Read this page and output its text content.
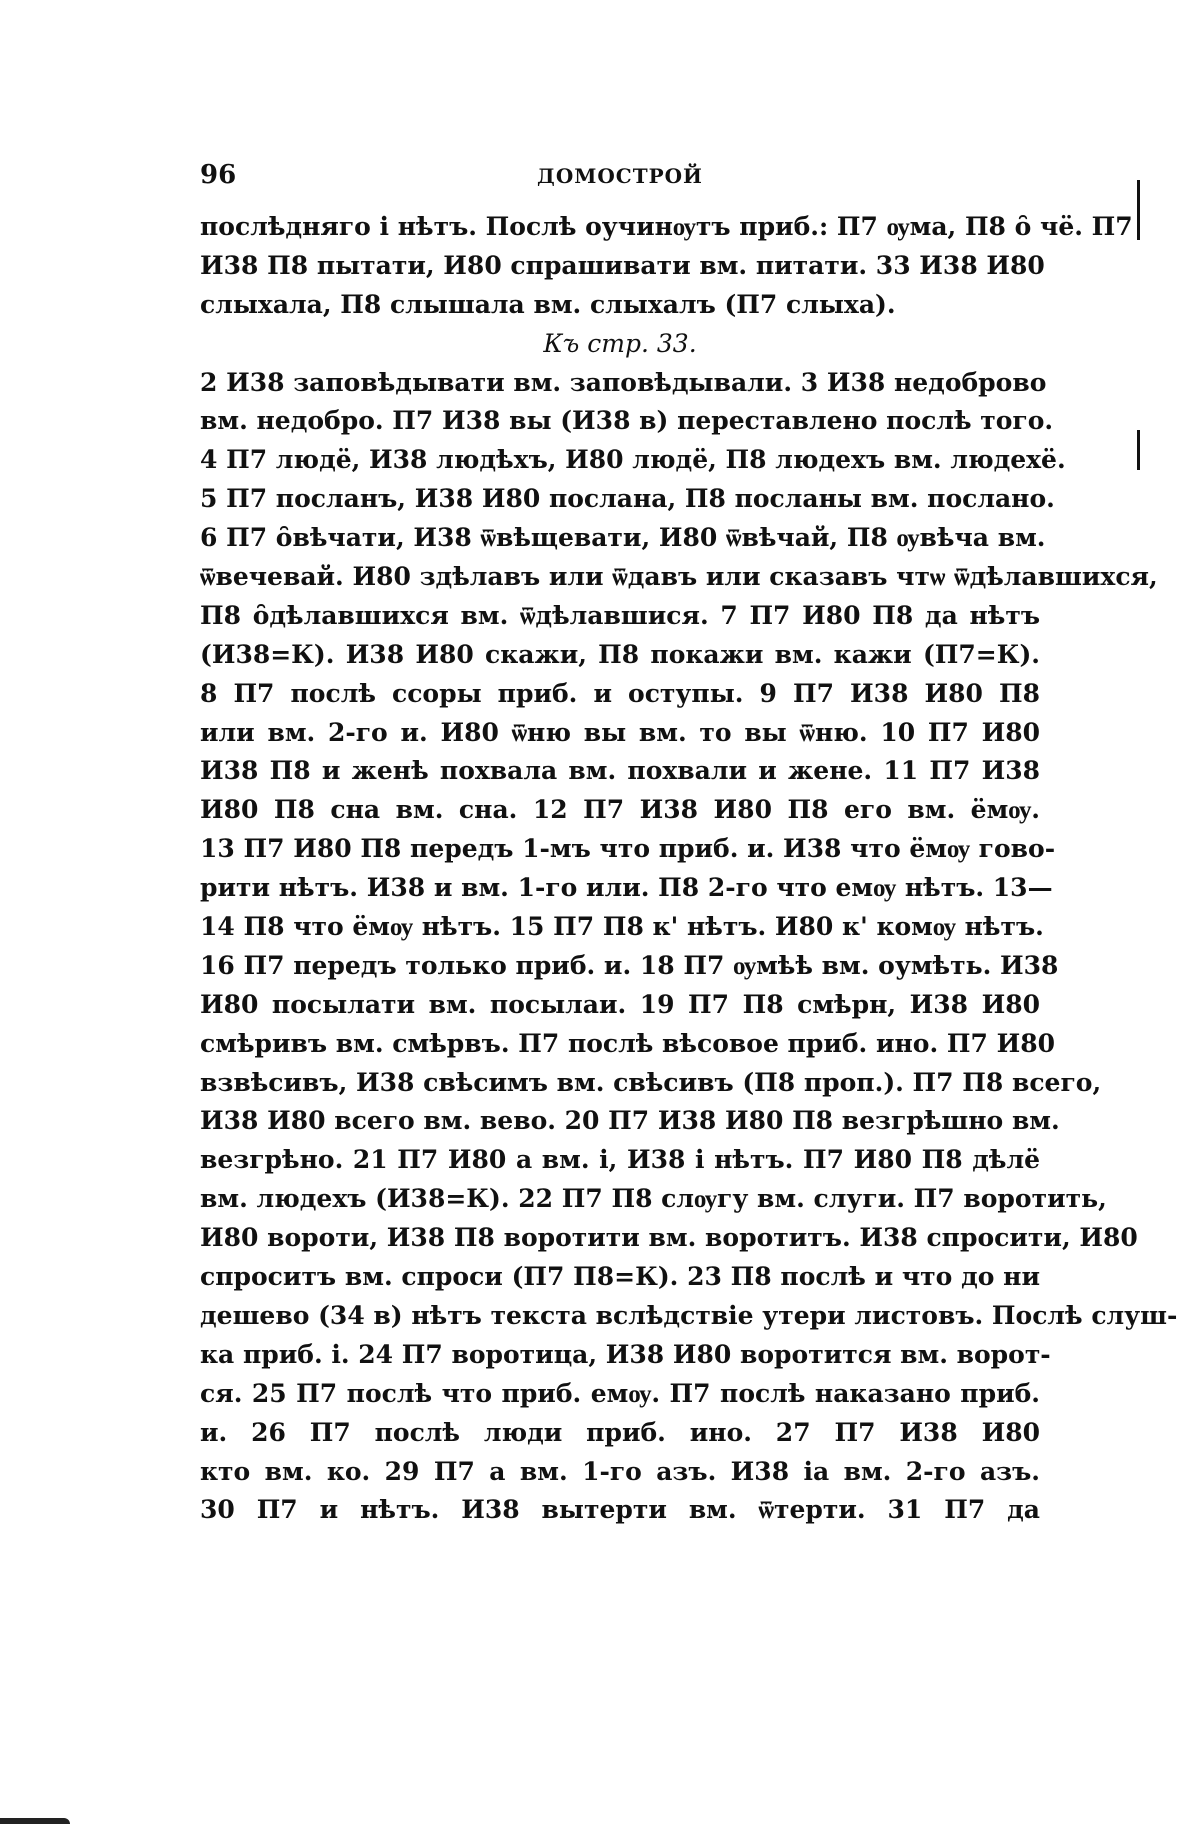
96	ДОМОСТРОЙ
послѣдняго і нѣтъ. Послѣ оучинѹтъ приб.: П7 ѹма, П8 ȏ чё. П7
И38 П8 пытати, И80 спрашивати вм. питати. 33 И38 И80
слыхала, П8 слышала вм. слыхалъ (П7 слыха).
Къ стр. 33.
2 И38 заповѣдывати вм. заповѣдывали. 3 И38 недоброво
вм. недобро. П7 И38 вы (И38 в) переставлено послѣ того.
4 П7 людё, И38 людѣхъ, И80 людё, П8 людехъ вм. людехё.
5 П7 посланъ, И38 И80 послана, П8 посланы вм. послано.
6 П7 ȏвѣчати, И38 ѿвѣщевати, И80 ѿвѣчай, П8 ѹвѣча вм.
ѿвечевай. И80 здѣлавъ или ѿдавъ или сказавъ чтѡ ѿдѣлавшихся,
П8 ȏдѣлавшихся вм. ѿдѣлавшися. 7 П7 И80 П8 да нѣтъ
(И38=К). И38 И80 скажи, П8 покажи вм. кажи (П7=К).
8 П7 послѣ ссоры приб. и оступы. 9 П7 И38 И80 П8
или вм. 2-го и. И80 ѿню вы вм. то вы ѿню. 10 П7 И80
И38 П8 и женѣ похвала вм. похвали и жене. 11 П7 И38
И80 П8 сна вм. сна. 12 П7 И38 И80 П8 его вм. ёмѹ.
13 П7 И80 П8 передъ 1-мъ что приб. и. И38 что ёмѹ гово-
рити нѣтъ. И38 и вм. 1-го или. П8 2-го что емѹ нѣтъ. 13—
14 П8 что ёмѹ нѣтъ. 15 П7 П8 к' нѣтъ. И80 к' комѹ нѣтъ.
16 П7 передъ только приб. и. 18 П7 ѹмѣѣ вм. оумѣть. И38
И80 посылати вм. посылаи. 19 П7 П8 смѣрн, И38 И80
смѣривъ вм. смѣрвъ. П7 послѣ вѣсовое приб. ино. П7 И80
взвѣсивъ, И38 свѣсимъ вм. свѣсивъ (П8 проп.). П7 П8 всего,
И38 И80 всего вм. вево. 20 П7 И38 И80 П8 везгрѣшно вм.
везгрѣно. 21 П7 И80 а вм. і, И38 і нѣтъ. П7 И80 П8 дѣлё
вм. людехъ (И38=К). 22 П7 П8 слѹгу вм. слуги. П7 воротить,
И80 вороти, И38 П8 воротити вм. воротитъ. И38 спросити, И80
спроситъ вм. спроси (П7 П8=К). 23 П8 послѣ и что до ни
дешево (34 в) нѣтъ текста вслѣдствіе утери листовъ. Послѣ слуш-
ка приб. і. 24 П7 воротица, И38 И80 воротится вм. ворот-
ся. 25 П7 послѣ что приб. емѹ. П7 послѣ наказано приб.
и. 26 П7 послѣ люди приб. ино. 27 П7 И38 И80
кто вм. ко. 29 П7 а вм. 1-го азъ. И38 іа вм. 2-го азъ.
30 П7 и нѣтъ. И38 вытерти вм. ѿтерти. 31 П7 да
